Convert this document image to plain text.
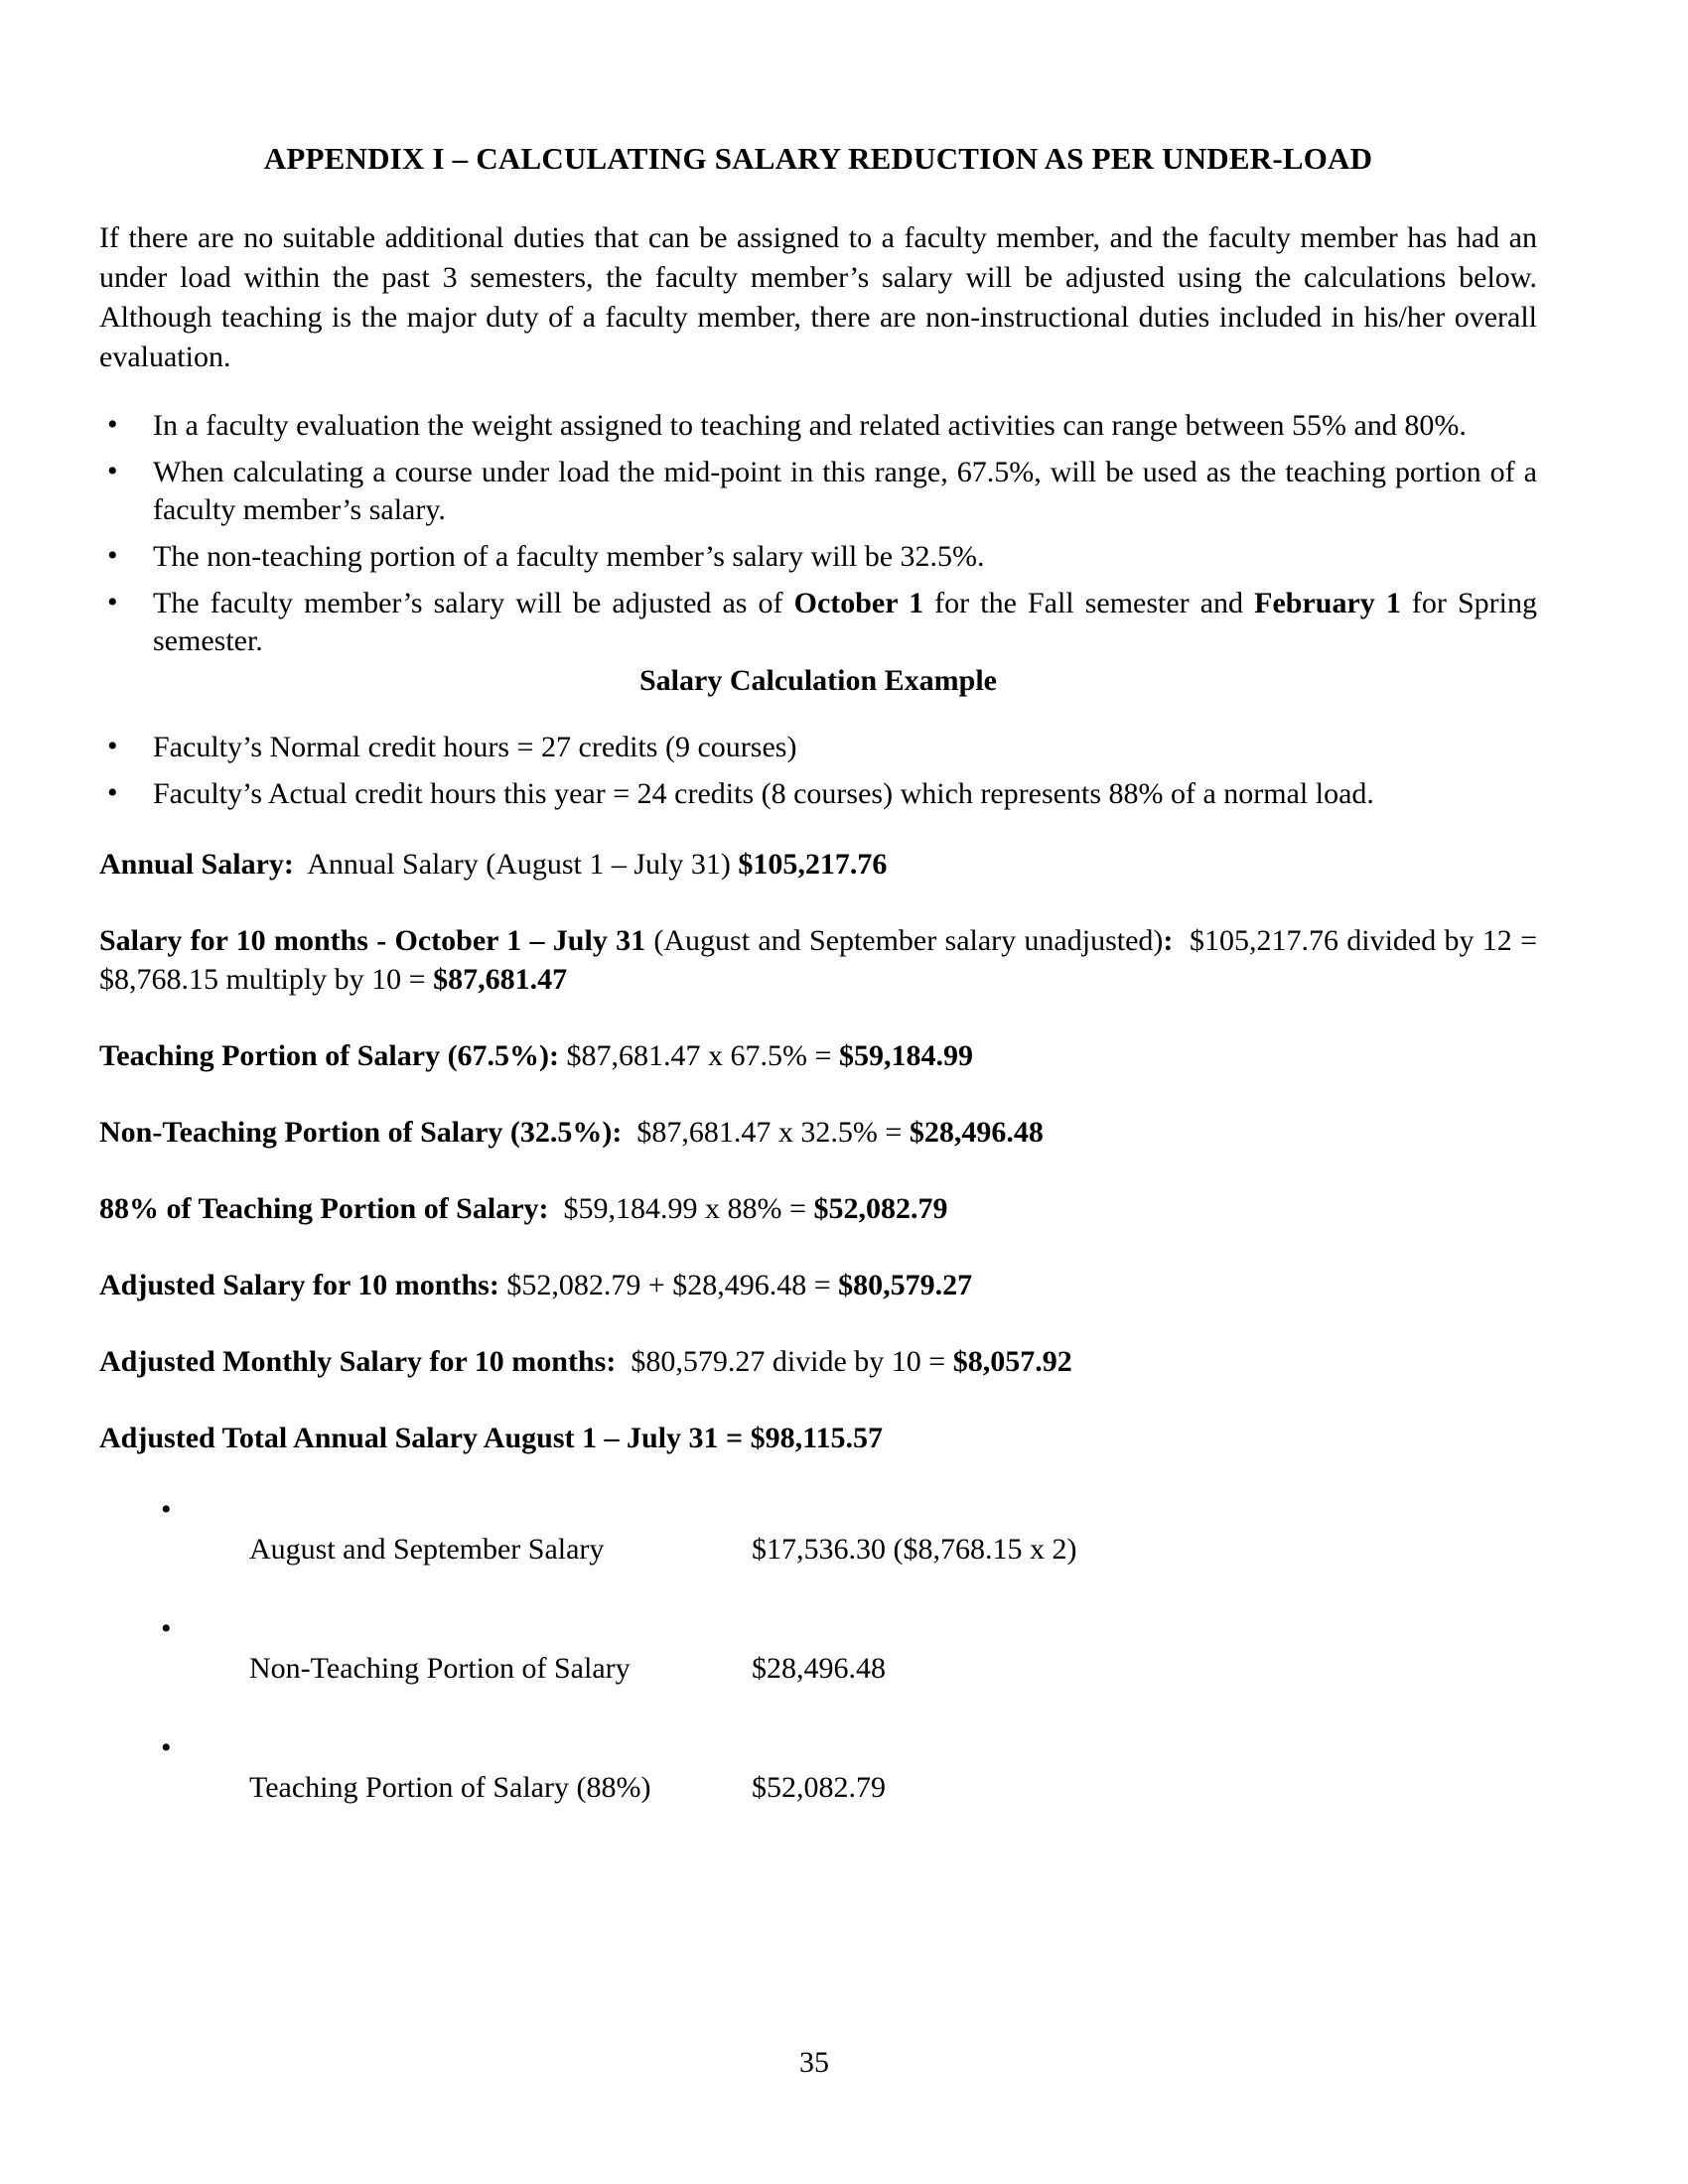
APPENDIX I – CALCULATING SALARY REDUCTION AS PER UNDER-LOAD

If there are no suitable additional duties that can be assigned to a faculty member, and the faculty member has had an under load within the past 3 semesters, the faculty member’s salary will be adjusted using the calculations below.  Although teaching is the major duty of a faculty member, there are non-instructional duties included in his/her overall evaluation.

• In a faculty evaluation the weight assigned to teaching and related activities can range between 55% and 80%.
• When calculating a course under load the mid-point in this range, 67.5%, will be used as the teaching portion of a faculty member’s salary.
• The non-teaching portion of a faculty member’s salary will be 32.5%.
• The faculty member’s salary will be adjusted as of October 1 for the Fall semester and February 1 for Spring semester.
Salary Calculation Example
• Faculty’s Normal credit hours = 27 credits (9 courses)
• Faculty’s Actual credit hours this year = 24 credits (8 courses) which represents 88% of a normal load.

Annual Salary:  Annual Salary (August 1 – July 31) $105,217.76

Salary for 10 months - October 1 – July 31 (August and September salary unadjusted):  $105,217.76 divided by 12 = $8,768.15 multiply by 10 = $87,681.47

Teaching Portion of Salary (67.5%): $87,681.47 x 67.5% = $59,184.99

Non-Teaching Portion of Salary (32.5%):  $87,681.47 x 32.5% = $28,496.48

88% of Teaching Portion of Salary:  $59,184.99 x 88% = $52,082.79

Adjusted Salary for 10 months: $52,082.79 + $28,496.48 = $80,579.27

Adjusted Monthly Salary for 10 months:  $80,579.27 divide by 10 = $8,057.92

Adjusted Total Annual Salary August 1 – July 31 = $98,115.57

• August and September Salary	$17,536.30 ($8,768.15 x 2)

• Non-Teaching Portion of Salary	$28,496.48

• Teaching Portion of Salary (88%)	$52,082.79

35
